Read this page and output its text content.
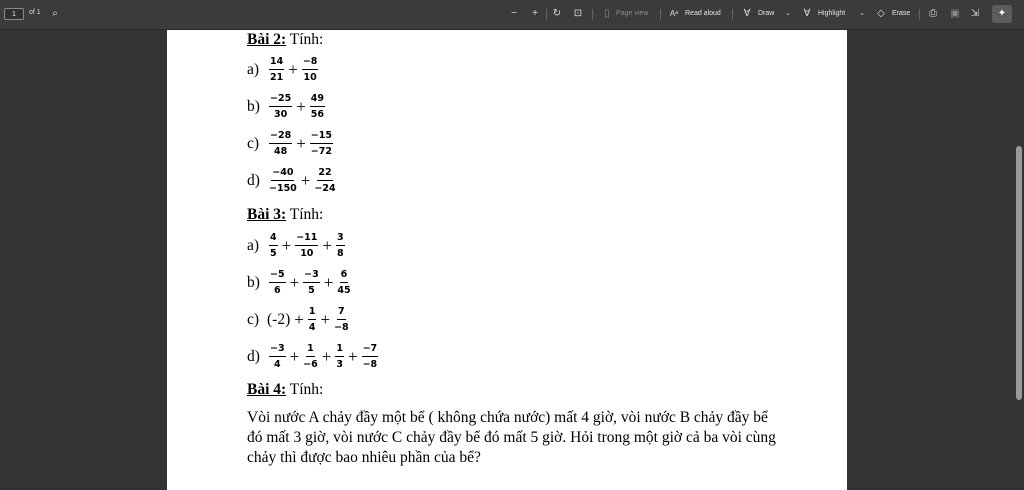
1	of 1	⌕	−	+	↻ ⊡	▯ Page view	Aᵃ Read aloud ∀	Draw	⌄	∀	Highlight	⌄	◇	Erase ⎙ ▣ ⇲	✦
Bài 2: Tính:
a)	$\frac{14}{21} + \frac{-8}{10}$
$b) \frac{-25}{30} + \frac{49}{56}$
c)	$\frac{-28}{48} + \frac{-15}{-72}$
$d) \frac{-40}{-150} + \frac{22}{-24}$
Bài 3: Tính:
a)	$\frac{4}{5} + \frac{-11}{10} + \frac{3}{8}$
$b) \frac{-5}{6} + \frac{-3}{5} + \frac{6}{45}$
c) $(-2) + \frac{1}{4} + \frac{7}{-8}$
$d) \frac{-3}{4} + \frac{1}{-6} + \frac{1}{3} + \frac{-7}{-8}$
Bài 4: Tính:
Vòi nước A chảy đầy một bể ( không chứa nước) mất 4 giờ, vòi nước B chảy đầy bể đó mất 3 giờ, vòi nước C chảy đầy bể đó mất 5 giờ. Hỏi trong một giờ cả ba vòi cùng chảy thì được bao nhiêu phần của bể?
